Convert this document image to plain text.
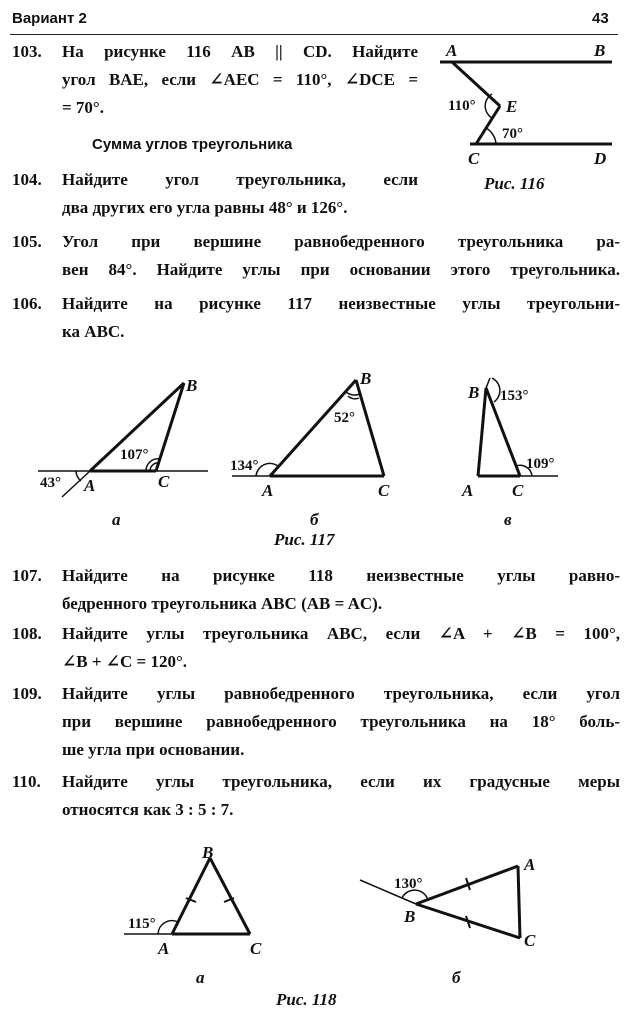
Вариант 2	43
103. На рисунке 116 AB || CD. Найдите
угол BAE, если ∠AEC = 110°, ∠DCE =
= 70°.
Сумма углов треугольника
A	B
E
C	D
110°
70°
Рис. 116
104. Найдите угол треугольника, если
два других его угла равны 48° и 126°.
105. Угол при вершине равнобедренного треугольника ра-
вен 84°. Найдите углы при основании этого треугольника.
106. Найдите на рисунке 117 неизвестные углы треугольни-
ка ABC.
B
A	C
107°
43°
а
B
A	C
52°
134°
б
B
A C
153°
109°
в
Рис. 117
107. Найдите на рисунке 118 неизвестные углы равно-
бедренного треугольника ABC (AB = AC).
108. Найдите углы треугольника ABC, если ∠A + ∠B = 100°,
∠B + ∠C = 120°.
109. Найдите углы равнобедренного треугольника, если угол
при вершине равнобедренного треугольника на 18° боль-
ше угла при основании.
110. Найдите углы треугольника, если их градусные меры
относятся как 3 : 5 : 7.
B
A	C
115°
а
A
B
C
130°
б
Рис. 118
